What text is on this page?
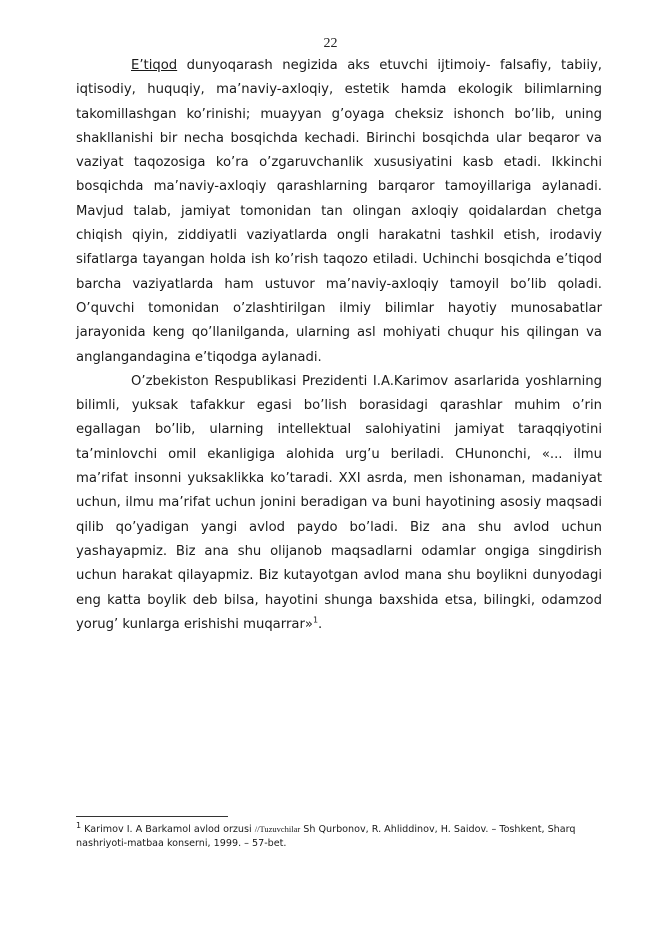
22

E’tiqod dunyoqarash negizida aks etuvchi ijtimoiy- falsafiy, tabiiy, iqtisodiy, huquqiy, ma’naviy-axloqiy, estetik hamda ekologik bilimlarning takomillashgan ko’rinishi; muayyan g’oyaga cheksiz ishonch bo’lib, uning shakllanishi bir necha bosqichda kechadi. Birinchi bosqichda ular beqaror va vaziyat taqozosiga ko’ra o’zgaruvchanlik xususiyatini kasb etadi. Ikkinchi bosqichda ma’naviy-axloqiy qarashlarning barqaror tamoyillariga aylanadi. Mavjud talab, jamiyat tomonidan tan olingan axloqiy qoidalardan chetga chiqish qiyin, ziddiyatli vaziyatlarda ongli harakatni tashkil etish, irodaviy sifatlarga tayangan holda ish ko’rish taqozo etiladi. Uchinchi bosqichda e’tiqod barcha vaziyatlarda ham ustuvor ma’naviy-axloqiy tamoyil bo’lib qoladi. O’quvchi tomonidan o’zlashtirilgan ilmiy bilimlar hayotiy munosabatlar jarayonida keng qo’llanilganda, ularning asl mohiyati chuqur his qilingan va anglangandagina e’tiqodga aylanadi.

O’zbekiston Respublikasi Prezidenti I.A.Karimov asarlarida yoshlarning bilimli, yuksak tafakkur egasi bo’lish borasidagi qarashlar muhim o’rin egallagan bo’lib, ularning intellektual salohiyatini jamiyat taraqqiyotini ta’minlovchi omil ekanligiga alohida urg’u beriladi. CHunonchi, «... ilmu ma’rifat insonni yuksaklikka ko’taradi. XXI asrda, men ishonaman, madaniyat uchun, ilmu ma’rifat uchun jonini beradigan va buni hayotining asosiy maqsadi qilib qo’yadigan yangi avlod paydo bo’ladi. Biz ana shu avlod uchun yashayapmiz. Biz ana shu olijanob maqsadlarni odamlar ongiga singdirish uchun harakat qilayapmiz. Biz kutayotgan avlod mana shu boylikni dunyodagi eng katta boylik deb bilsa, hayotini shunga baxshida etsa, bilingki, odamzod yorug’ kunlarga erishishi muqarrar»$^1$.

$^1$ Karimov I. A Barkamol avlod orzusi //Tuzuvchilar Sh Qurbonov, R. Ahliddinov, H. Saidov. – Toshkent, Sharq nashriyoti-matbaa konserni, 1999. – 57-bet.
